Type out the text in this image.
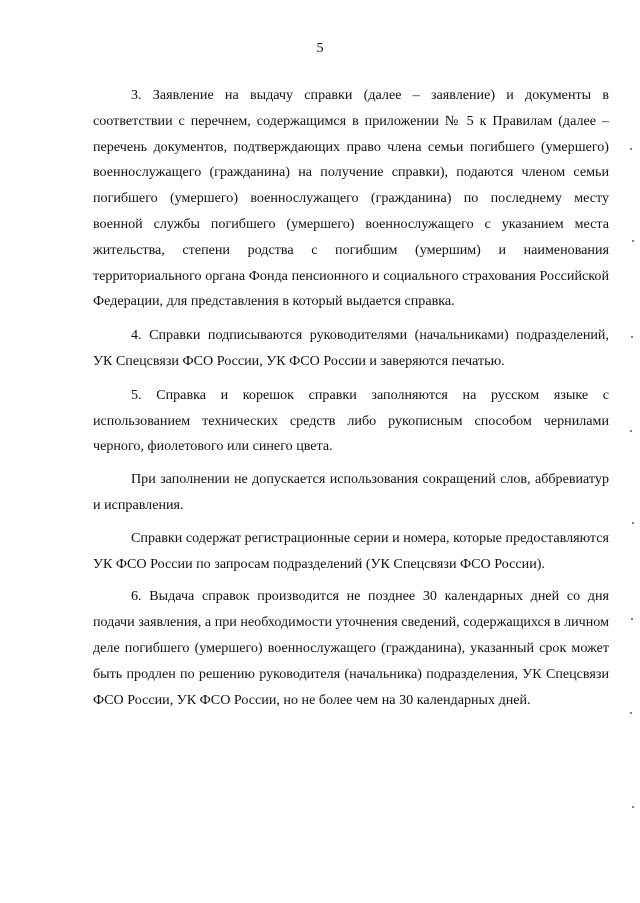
5

3. Заявление на выдачу справки (далее – заявление) и документы в соответствии с перечнем, содержащимся в приложении № 5 к Правилам (далее – перечень документов, подтверждающих право члена семьи погибшего (умершего) военнослужащего (гражданина) на получение справки), подаются членом семьи погибшего (умершего) военнослужащего (гражданина) по последнему месту военной службы погибшего (умершего) военнослужащего с указанием места жительства, степени родства с погибшим (умершим) и наименования территориального органа Фонда пенсионного и социального страхования Российской Федерации, для представления в который выдается справка.

4. Справки подписываются руководителями (начальниками) подразделений, УК Спецсвязи ФСО России, УК ФСО России и заверяются печатью.

5. Справка и корешок справки заполняются на русском языке с использованием технических средств либо рукописным способом чернилами черного, фиолетового или синего цвета.

При заполнении не допускается использования сокращений слов, аббревиатур и исправления.

Справки содержат регистрационные серии и номера, которые предоставляются УК ФСО России по запросам подразделений (УК Спецсвязи ФСО России).

6. Выдача справок производится не позднее 30 календарных дней со дня подачи заявления, а при необходимости уточнения сведений, содержащихся в личном деле погибшего (умершего) военнослужащего (гражданина), указанный срок может быть продлен по решению руководителя (начальника) подразделения, УК Спецсвязи ФСО России, УК ФСО России, но не более чем на 30 календарных дней.
